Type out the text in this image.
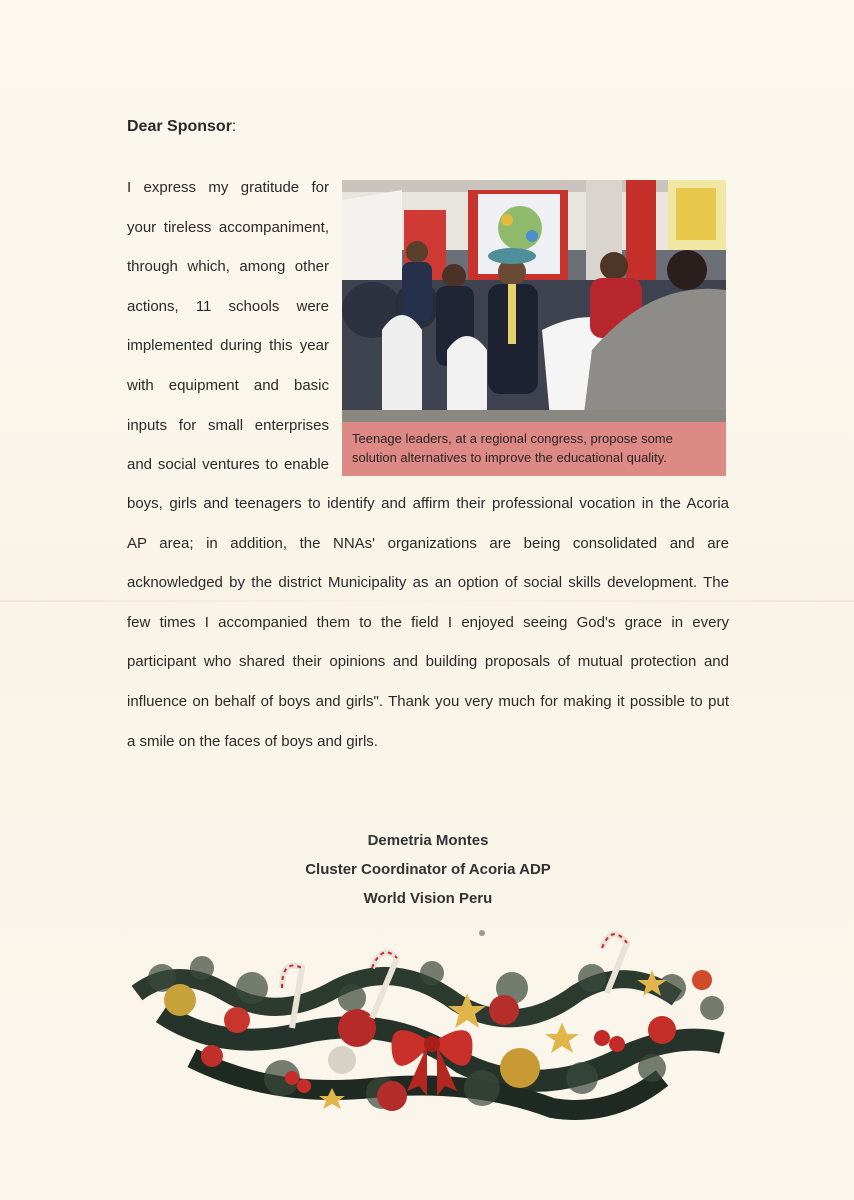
Dear Sponsor:
I express my gratitude for
your tireless accompaniment,
through which, among other
actions, 11 schools were
implemented during this year
with equipment and basic
inputs for small enterprises
and social ventures to enable
Teenage leaders, at a regional congress, propose some solution alternatives to improve the educational quality.
boys, girls and teenagers to identify and affirm their professional vocation in the Acoria
AP area; in addition, the NNAs' organizations are being consolidated and are
acknowledged by the district Municipality as an option of social skills development. The
few times I accompanied them to the field I enjoyed seeing God's grace in every
participant who shared their opinions and building proposals of mutual protection and
influence on behalf of boys and girls". Thank you very much for making it possible to put
a smile on the faces of boys and girls.
Demetria Montes
Cluster Coordinator of Acoria ADP
World Vision Peru
